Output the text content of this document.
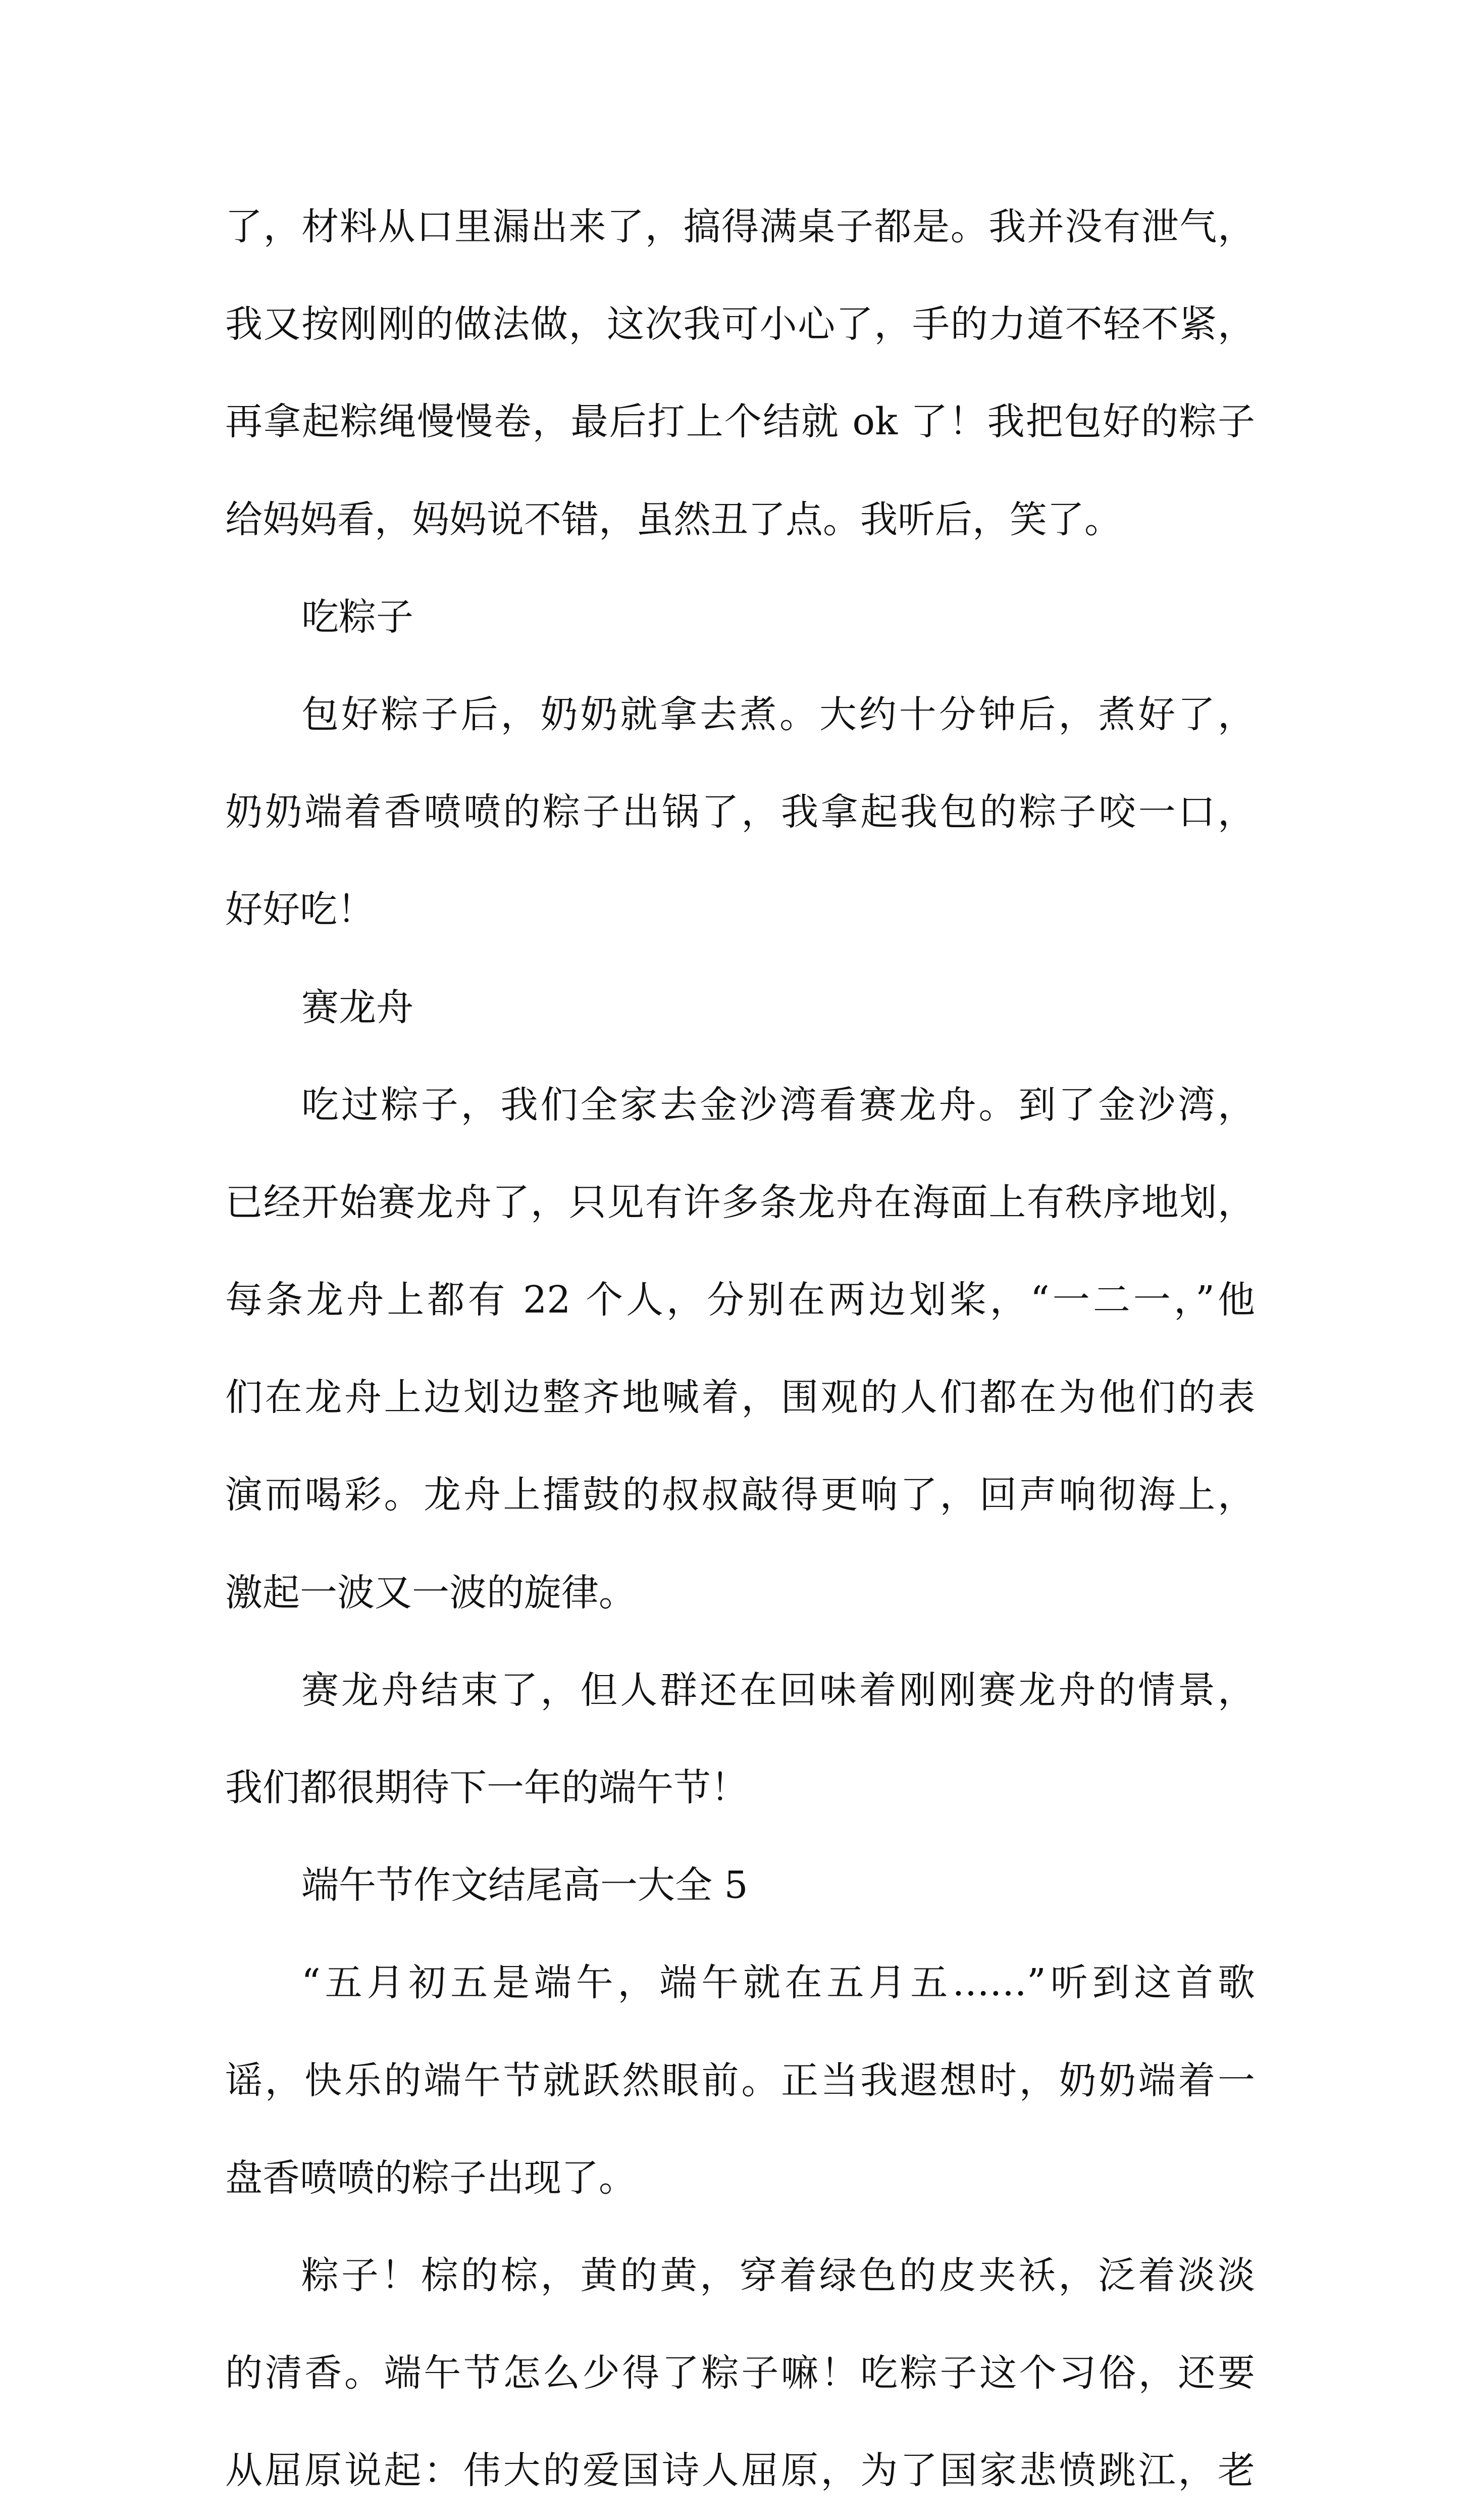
了，材料从口里漏出来了，搞得满桌子都是。我并没有泄气，
我又按刚刚的做法做，这次我可小心了，手的力道不轻不紧，
再拿起粽绳慢慢卷，最后打上个结就 ok 了！我把包好的粽子
给妈妈看，妈妈说不错，虽然丑了点。我听后，笑了。
吃粽子
包好粽子后，奶奶就拿去煮。大约十分钟后，煮好了，
奶奶端着香喷喷的粽子出锅了，我拿起我包的粽子咬一口，
好好吃！
赛龙舟
吃过粽子，我们全家去金沙湾看赛龙舟。到了金沙湾，
已经开始赛龙舟了，只见有许多条龙舟在海面上有秩序地划，
每条龙舟上都有 22 个人，分别在两边划桨，“一二一，”他
们在龙舟上边划边整齐地喊着，围观的人们都在为他们的表
演而喝彩。龙舟上擂鼓的叔叔敲得更响了，回声响彻海上，
激起一波又一波的旋律。
赛龙舟结束了，但人群还在回味着刚刚赛龙舟的情景，
我们都很期待下一年的端午节！
端午节作文结尾高一大全 5
“五月初五是端午，端午就在五月五……”听到这首歌
谣，快乐的端午节就跃然眼前。正当我遐想时，奶奶端着一
盘香喷喷的粽子出现了。
粽子！棕的棕，黄的黄，穿着绿色的皮夹袄，泛着淡淡
的清香。端午节怎么少得了粽子嘛！吃粽子这个习俗，还要
从屈原说起：伟大的爱国诗人屈原，为了国家悲愤跳江，老
